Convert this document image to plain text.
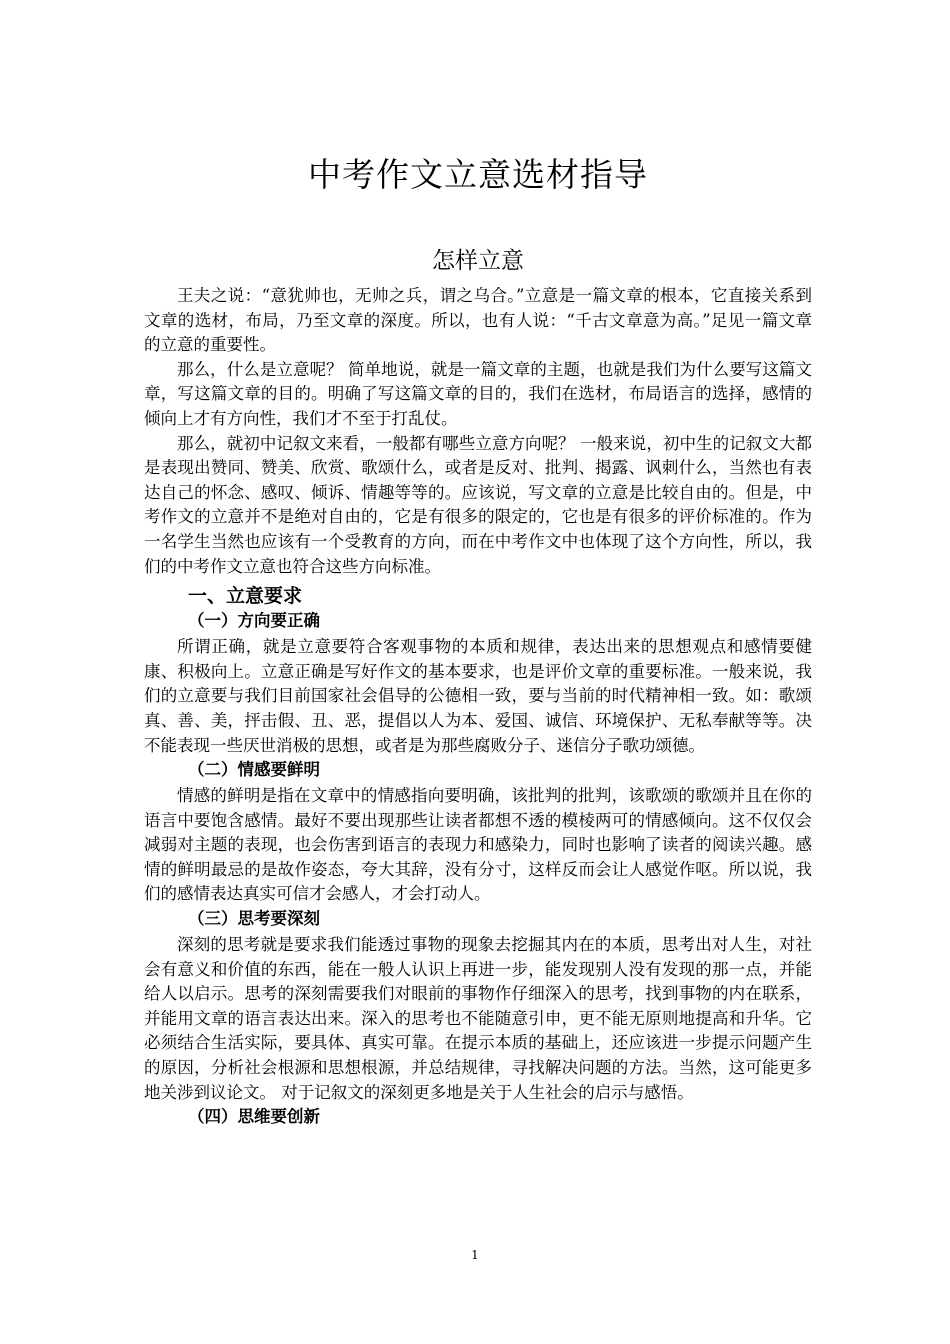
中考作文立意选材指导
怎样立意

王夫之说：“意犹帅也，无帅之兵，谓之乌合。”立意是一篇文章的根本，它直接关系到文章的选材，布局，乃至文章的深度。所以，也有人说：“千古文章意为高。”足见一篇文章的立意的重要性。

那么，什么是立意呢？ 简单地说，就是一篇文章的主题，也就是我们为什么要写这篇文章，写这篇文章的目的。明确了写这篇文章的目的，我们在选材，布局语言的选择，感情的倾向上才有方向性，我们才不至于打乱仗。

那么，就初中记叙文来看，一般都有哪些立意方向呢？ 一般来说，初中生的记叙文大都是表现出赞同、赞美、欣赏、歌颂什么，或者是反对、批判、揭露、讽刺什么，当然也有表达自己的怀念、感叹、倾诉、情趣等等的。应该说，写文章的立意是比较自由的。但是，中考作文的立意并不是绝对自由的，它是有很多的限定的，它也是有很多的评价标准的。作为一名学生当然也应该有一个受教育的方向，而在中考作文中也体现了这个方向性，所以，我们的中考作文立意也符合这些方向标准。

一、立意要求
（一）方向要正确

所谓正确，就是立意要符合客观事物的本质和规律，表达出来的思想观点和感情要健康、积极向上。立意正确是写好作文的基本要求，也是评价文章的重要标准。一般来说，我们的立意要与我们目前国家社会倡导的公德相一致，要与当前的时代精神相一致。如：歌颂真、善、美，抨击假、丑、恶，提倡以人为本、爱国、诚信、环境保护、无私奉献等等。决不能表现一些厌世消极的思想，或者是为那些腐败分子、迷信分子歌功颂德。

（二）情感要鲜明

情感的鲜明是指在文章中的情感指向要明确，该批判的批判，该歌颂的歌颂并且在你的语言中要饱含感情。最好不要出现那些让读者都想不透的模棱两可的情感倾向。这不仅仅会减弱对主题的表现，也会伤害到语言的表现力和感染力，同时也影响了读者的阅读兴趣。感情的鲜明最忌的是故作姿态，夸大其辞，没有分寸，这样反而会让人感觉作呕。所以说，我们的感情表达真实可信才会感人，才会打动人。

（三）思考要深刻

深刻的思考就是要求我们能透过事物的现象去挖掘其内在的本质，思考出对人生，对社会有意义和价值的东西，能在一般人认识上再进一步，能发现别人没有发现的那一点，并能给人以启示。思考的深刻需要我们对眼前的事物作仔细深入的思考，找到事物的内在联系，并能用文章的语言表达出来。深入的思考也不能随意引申，更不能无原则地提高和升华。它必须结合生活实际，要具体、真实可靠。在提示本质的基础上，还应该进一步提示问题产生的原因，分析社会根源和思想根源，并总结规律，寻找解决问题的方法。当然，这可能更多地关涉到议论文。 对于记叙文的深刻更多地是关于人生社会的启示与感悟。

（四）思维要创新
1
